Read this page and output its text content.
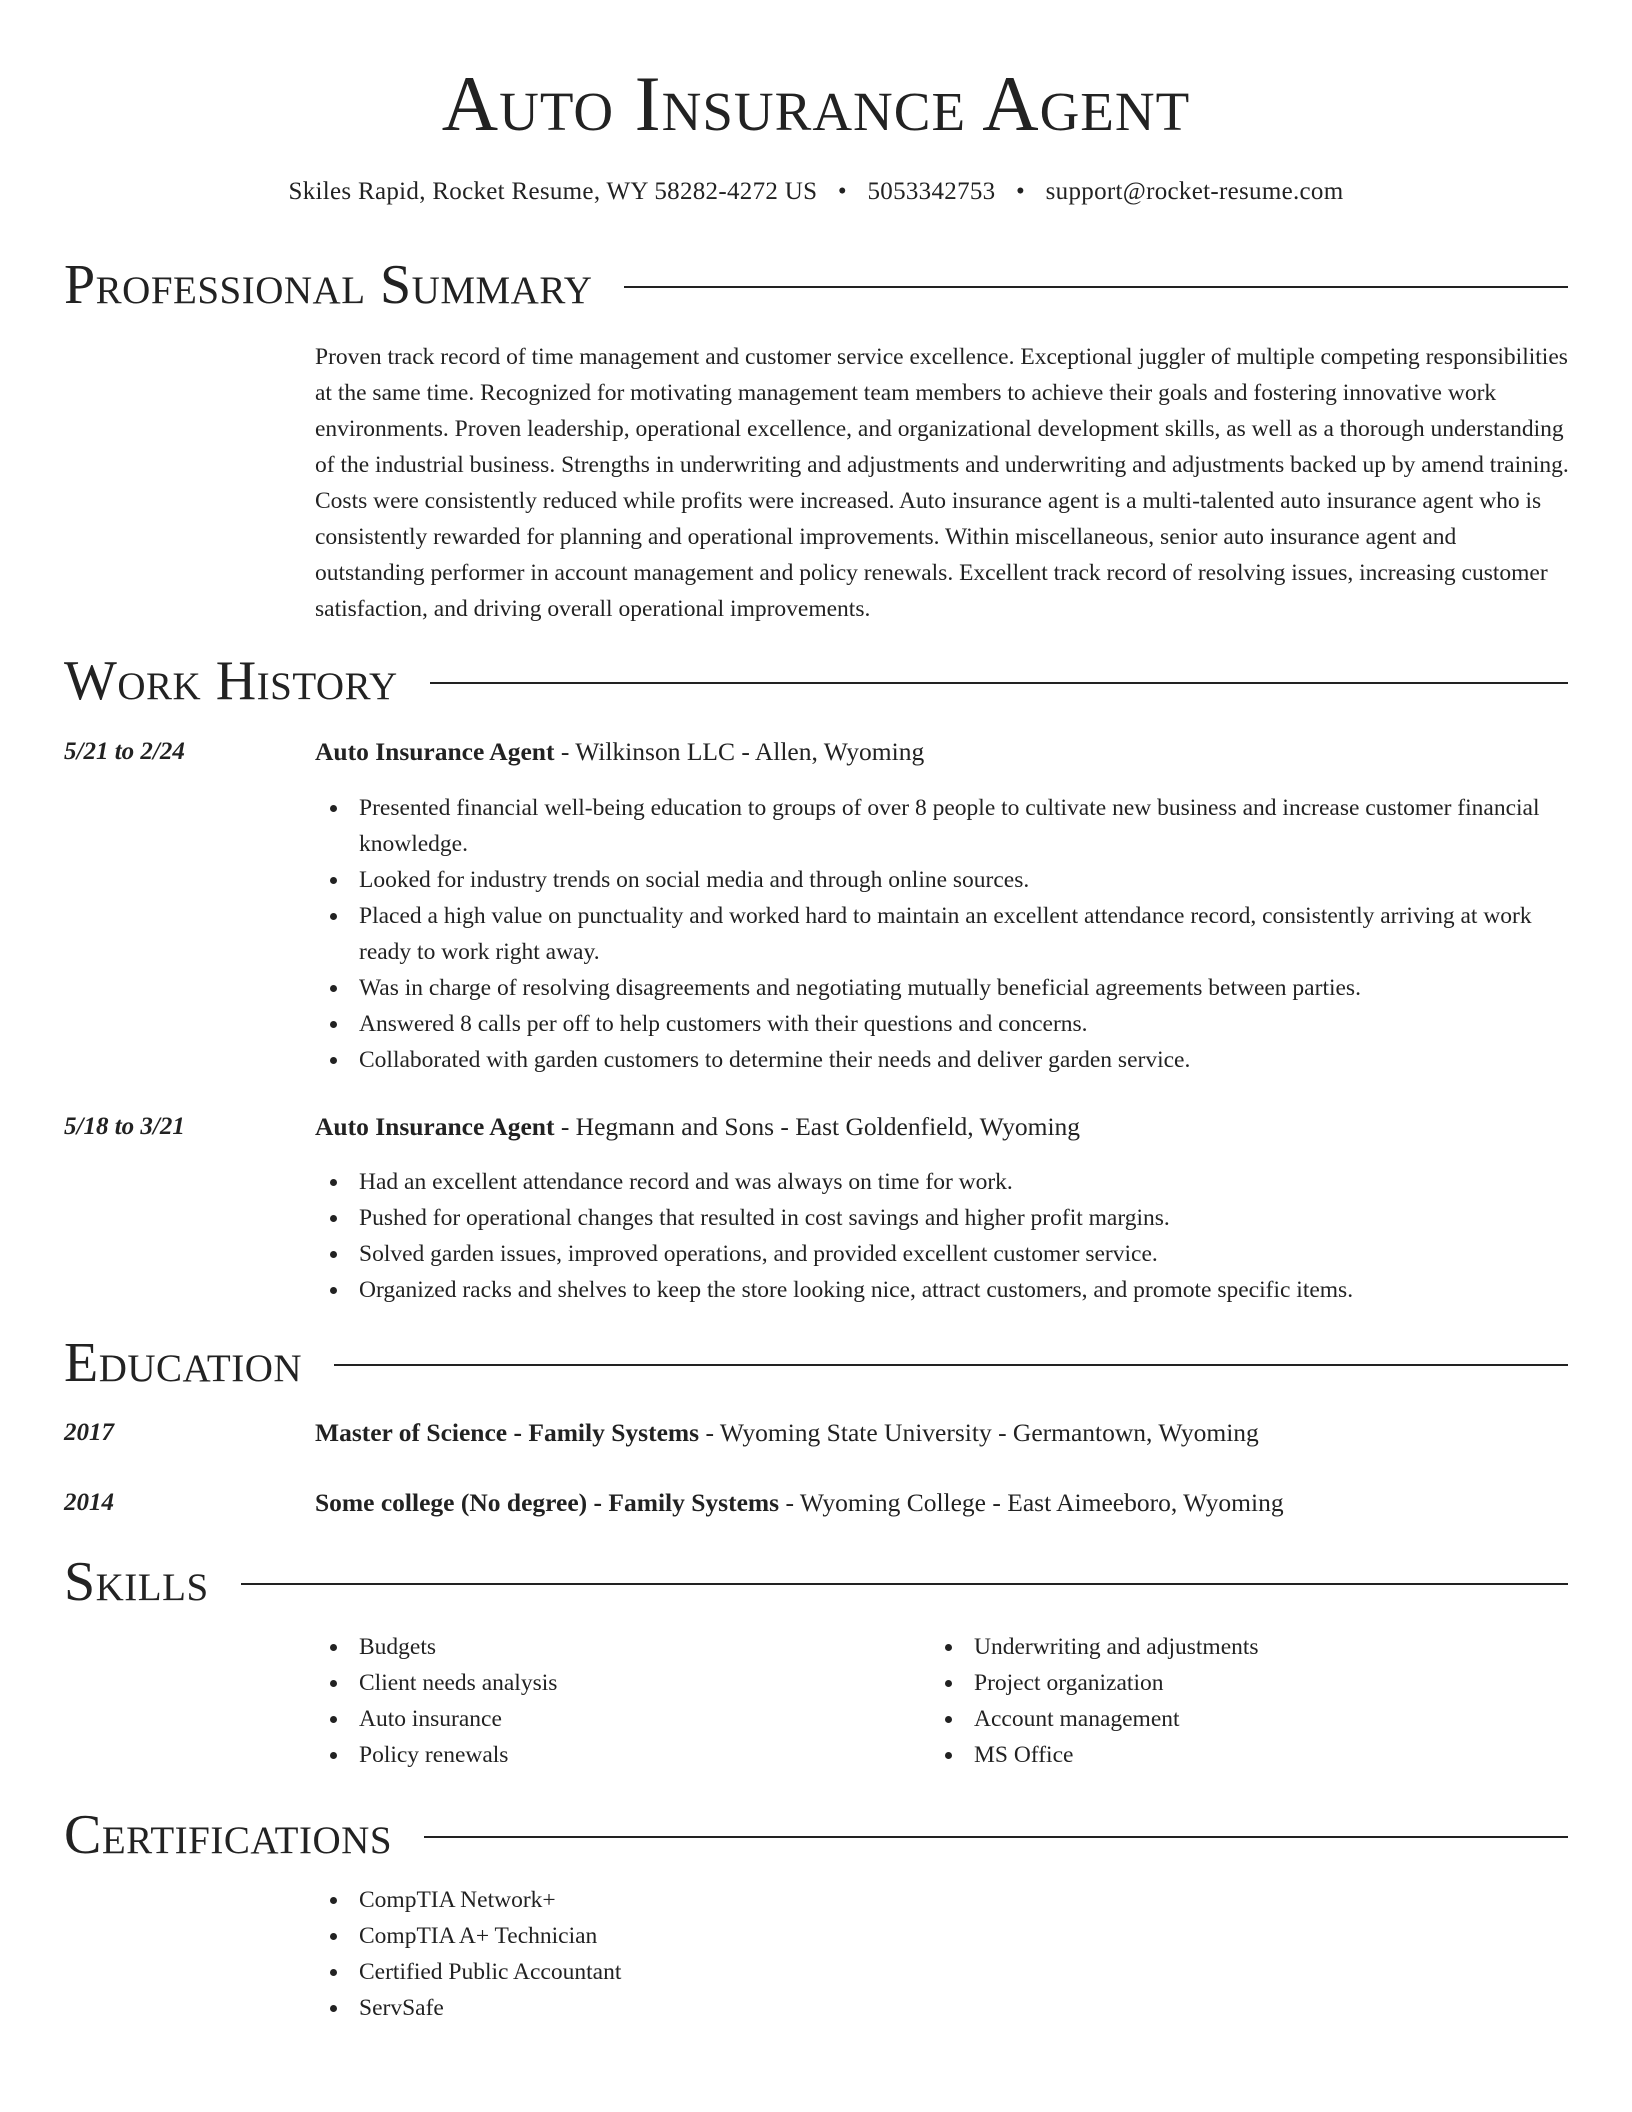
Auto Insurance Agent
Skiles Rapid, Rocket Resume, WY 58282-4272 US • 5053342753 • support@rocket-resume.com
Professional Summary
Proven track record of time management and customer service excellence. Exceptional juggler of multiple competing responsibilities at the same time. Recognized for motivating management team members to achieve their goals and fostering innovative work environments. Proven leadership, operational excellence, and organizational development skills, as well as a thorough understanding of the industrial business. Strengths in underwriting and adjustments and underwriting and adjustments backed up by amend training. Costs were consistently reduced while profits were increased. Auto insurance agent is a multi-talented auto insurance agent who is consistently rewarded for planning and operational improvements. Within miscellaneous, senior auto insurance agent and outstanding performer in account management and policy renewals. Excellent track record of resolving issues, increasing customer satisfaction, and driving overall operational improvements.
Work History
5/21 to 2/24	Auto Insurance Agent - Wilkinson LLC - Allen, Wyoming
Presented financial well-being education to groups of over 8 people to cultivate new business and increase customer financial knowledge.
Looked for industry trends on social media and through online sources.
Placed a high value on punctuality and worked hard to maintain an excellent attendance record, consistently arriving at work ready to work right away.
Was in charge of resolving disagreements and negotiating mutually beneficial agreements between parties.
Answered 8 calls per off to help customers with their questions and concerns.
Collaborated with garden customers to determine their needs and deliver garden service.
5/18 to 3/21	Auto Insurance Agent - Hegmann and Sons - East Goldenfield, Wyoming
Had an excellent attendance record and was always on time for work.
Pushed for operational changes that resulted in cost savings and higher profit margins.
Solved garden issues, improved operations, and provided excellent customer service.
Organized racks and shelves to keep the store looking nice, attract customers, and promote specific items.
Education
2017	Master of Science - Family Systems - Wyoming State University - Germantown, Wyoming
2014	Some college (No degree) - Family Systems - Wyoming College - East Aimeeboro, Wyoming
Skills
Budgets
Client needs analysis
Auto insurance
Policy renewals
Underwriting and adjustments
Project organization
Account management
MS Office
Certifications
CompTIA Network+
CompTIA A+ Technician
Certified Public Accountant
ServSafe
